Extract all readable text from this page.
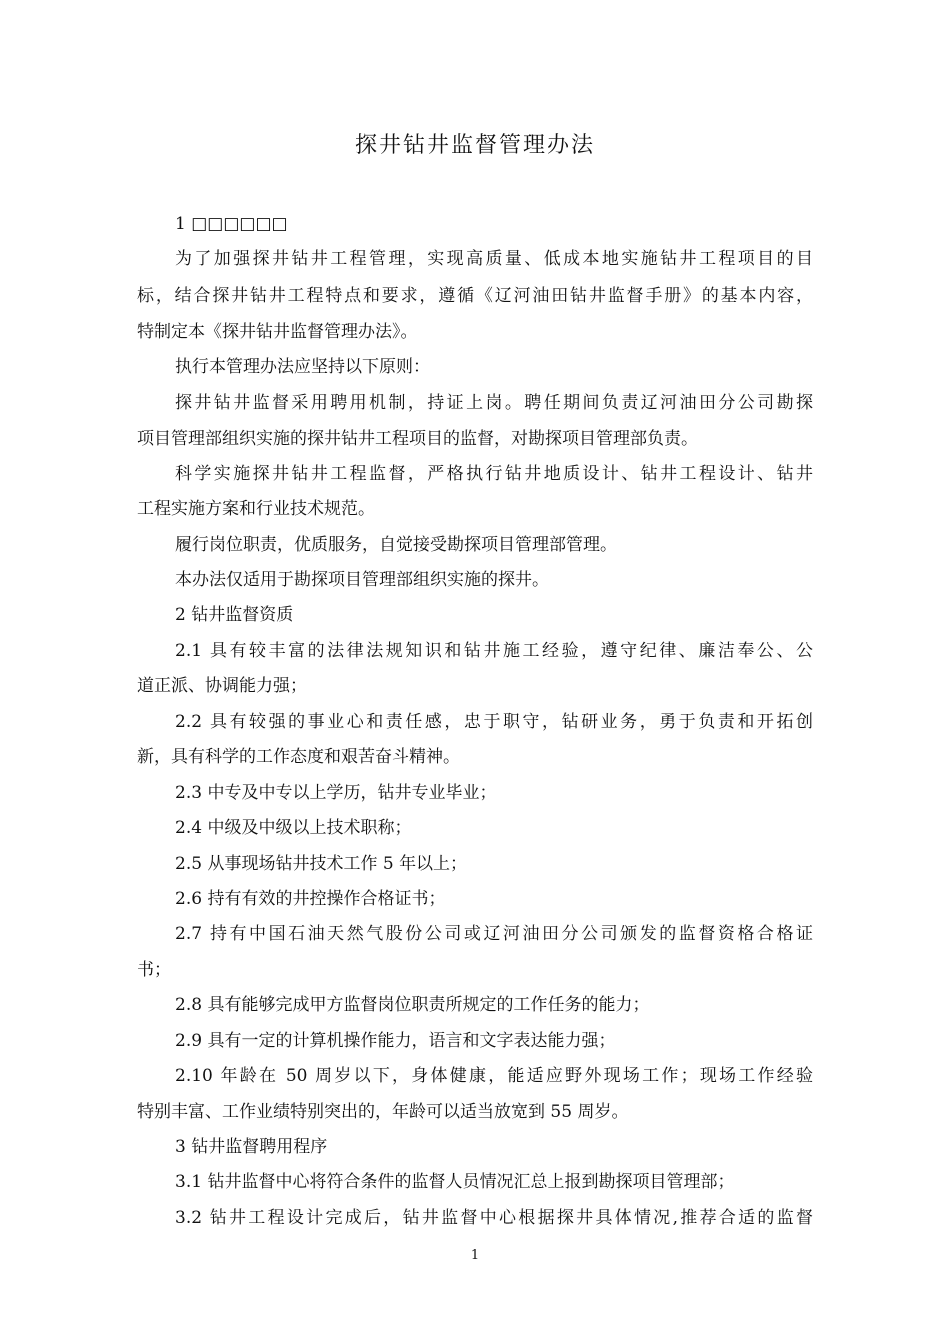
探井钻井监督管理办法
1 □□□□□□
为了加强探井钻井工程管理，实现高质量、低成本地实施钻井工程项目的目
标，结合探井钻井工程特点和要求，遵循《辽河油田钻井监督手册》的基本内容，
特制定本《探井钻井监督管理办法》。
执行本管理办法应坚持以下原则：
探井钻井监督采用聘用机制，持证上岗。聘任期间负责辽河油田分公司勘探
项目管理部组织实施的探井钻井工程项目的监督，对勘探项目管理部负责。
科学实施探井钻井工程监督，严格执行钻井地质设计、钻井工程设计、钻井
工程实施方案和行业技术规范。
履行岗位职责，优质服务，自觉接受勘探项目管理部管理。
本办法仅适用于勘探项目管理部组织实施的探井。
2 钻井监督资质
2.1 具有较丰富的法律法规知识和钻井施工经验，遵守纪律、廉洁奉公、公
道正派、协调能力强；
2.2 具有较强的事业心和责任感，忠于职守，钻研业务，勇于负责和开拓创
新，具有科学的工作态度和艰苦奋斗精神。
2.3 中专及中专以上学历，钻井专业毕业；
2.4 中级及中级以上技术职称；
2.5 从事现场钻井技术工作 5 年以上；
2.6 持有有效的井控操作合格证书；
2.7 持有中国石油天然气股份公司或辽河油田分公司颁发的监督资格合格证
书；
2.8 具有能够完成甲方监督岗位职责所规定的工作任务的能力；
2.9 具有一定的计算机操作能力，语言和文字表达能力强；
2.10 年龄在 50 周岁以下，身体健康，能适应野外现场工作；现场工作经验
特别丰富、工作业绩特别突出的，年龄可以适当放宽到 55 周岁。
3 钻井监督聘用程序
3.1 钻井监督中心将符合条件的监督人员情况汇总上报到勘探项目管理部；
3.2 钻井工程设计完成后，钻井监督中心根据探井具体情况,推荐合适的监督
1
